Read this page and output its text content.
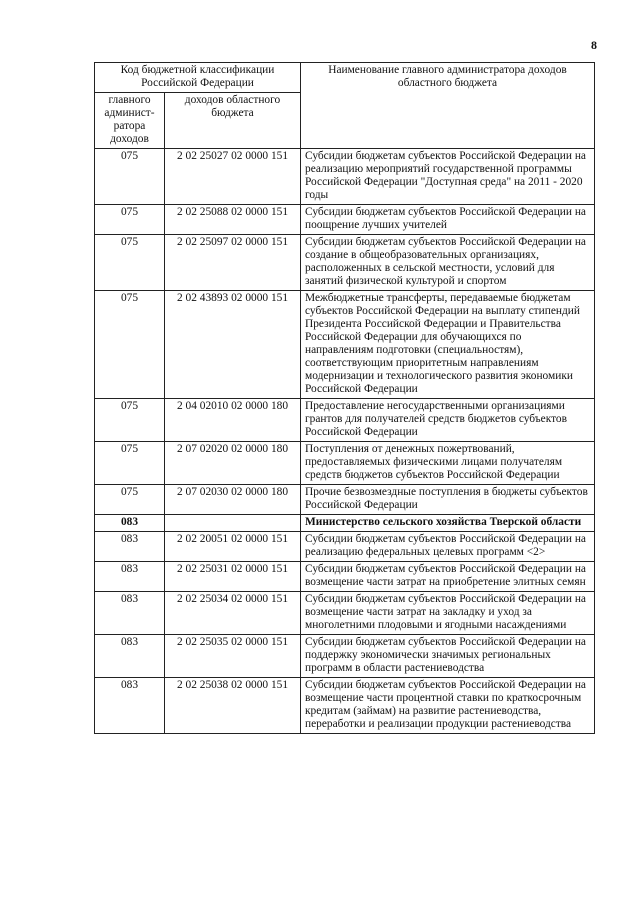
8
Код бюджетной классификации Российской Федерации		Наименование главного администратора доходов областного бюджета
главного админист-ратора доходов	доходов областного бюджета	
075	2 02 25027 02 0000 151	Субсидии бюджетам субъектов Российской Федерации на реализацию мероприятий государственной программы Российской Федерации "Доступная среда" на 2011 - 2020 годы
075	2 02 25088 02 0000 151	Субсидии бюджетам субъектов Российской Федерации на поощрение лучших учителей
075	2 02 25097 02 0000 151	Субсидии бюджетам субъектов Российской Федерации на создание в общеобразовательных организациях, расположенных в сельской местности, условий для занятий физической культурой и спортом
075	2 02 43893 02 0000 151	Межбюджетные трансферты, передаваемые бюджетам субъектов Российской Федерации на выплату стипендий Президента Российской Федерации и Правительства Российской Федерации для обучающихся по направлениям подготовки (специальностям), соответствующим приоритетным направлениям модернизации и технологического развития экономики Российской Федерации
075	2 04 02010 02 0000 180	Предоставление негосударственными организациями грантов для получателей средств бюджетов субъектов Российской Федерации
075	2 07 02020 02 0000 180	Поступления от денежных пожертвований, предоставляемых физическими лицами получателям средств бюджетов субъектов Российской Федерации
075	2 07 02030 02 0000 180	Прочие безвозмездные поступления в бюджеты субъектов Российской Федерации
083		Министерство сельского хозяйства Тверской области
083	2 02 20051 02 0000 151	Субсидии бюджетам субъектов Российской Федерации на реализацию федеральных целевых программ <2>
083	2 02 25031 02 0000 151	Субсидии бюджетам субъектов Российской Федерации на возмещение части затрат на приобретение элитных семян
083	2 02 25034 02 0000 151	Субсидии бюджетам субъектов Российской Федерации на возмещение части затрат на закладку и уход за многолетними плодовыми и ягодными насаждениями
083	2 02 25035 02 0000 151	Субсидии бюджетам субъектов Российской Федерации на поддержку экономически значимых региональных программ в области растениеводства
083	2 02 25038 02 0000 151	Субсидии бюджетам субъектов Российской Федерации на возмещение части процентной ставки по краткосрочным кредитам (займам) на развитие растениеводства, переработки и реализации продукции растениеводства
